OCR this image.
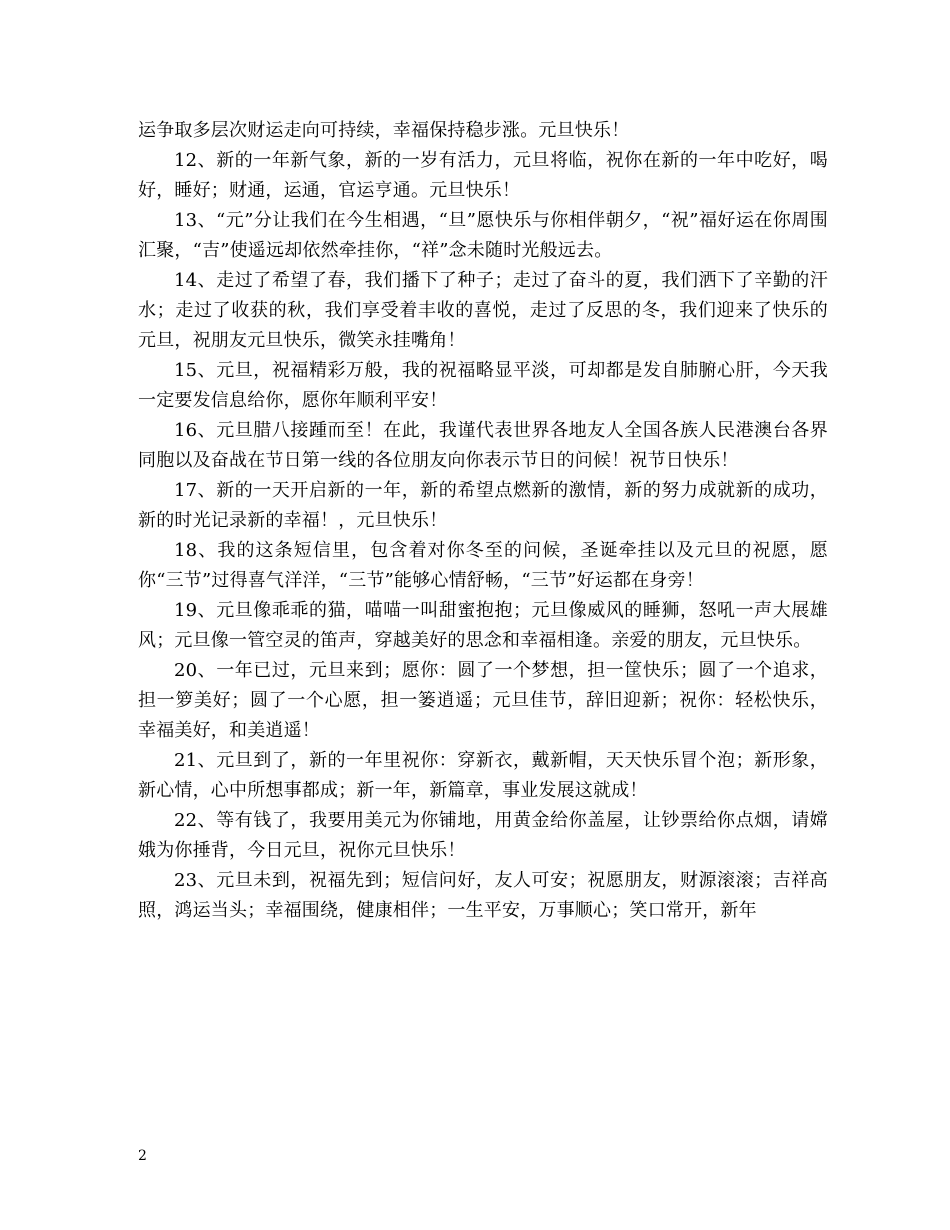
运争取多层次财运走向可持续，幸福保持稳步涨。元旦快乐！

12、新的一年新气象，新的一岁有活力，元旦将临，祝你在新的一年中吃好，喝好，睡好；财通，运通，官运亨通。元旦快乐！

13、“元”分让我们在今生相遇，“旦”愿快乐与你相伴朝夕，“祝”福好运在你周围汇聚，“吉”使遥远却依然牵挂你，“祥”念未随时光般远去。

14、走过了希望了春，我们播下了种子；走过了奋斗的夏，我们洒下了辛勤的汗水；走过了收获的秋，我们享受着丰收的喜悦，走过了反思的冬，我们迎来了快乐的元旦，祝朋友元旦快乐，微笑永挂嘴角！

15、元旦，祝福精彩万般，我的祝福略显平淡，可却都是发自肺腑心肝，今天我一定要发信息给你，愿你年顺利平安！

16、元旦腊八接踵而至！在此，我谨代表世界各地友人全国各族人民港澳台各界同胞以及奋战在节日第一线的各位朋友向你表示节日的问候！祝节日快乐！

17、新的一天开启新的一年，新的希望点燃新的激情，新的努力成就新的成功，新的时光记录新的幸福！，元旦快乐！

18、我的这条短信里，包含着对你冬至的问候，圣诞牵挂以及元旦的祝愿，愿你“三节”过得喜气洋洋，“三节”能够心情舒畅，“三节”好运都在身旁！

19、元旦像乖乖的猫，喵喵一叫甜蜜抱抱；元旦像威风的睡狮，怒吼一声大展雄风；元旦像一管空灵的笛声，穿越美好的思念和幸福相逢。亲爱的朋友，元旦快乐。

20、一年已过，元旦来到；愿你：圆了一个梦想，担一筐快乐；圆了一个追求，担一箩美好；圆了一个心愿，担一篓逍遥；元旦佳节，辞旧迎新；祝你：轻松快乐，幸福美好，和美逍遥！

21、元旦到了，新的一年里祝你：穿新衣，戴新帽，天天快乐冒个泡；新形象，新心情，心中所想事都成；新一年，新篇章，事业发展这就成！

22、等有钱了，我要用美元为你铺地，用黄金给你盖屋，让钞票给你点烟，请嫦娥为你捶背，今日元旦，祝你元旦快乐！

23、元旦未到，祝福先到；短信问好，友人可安；祝愿朋友，财源滚滚；吉祥高照，鸿运当头；幸福围绕，健康相伴；一生平安，万事顺心；笑口常开，新年

2
